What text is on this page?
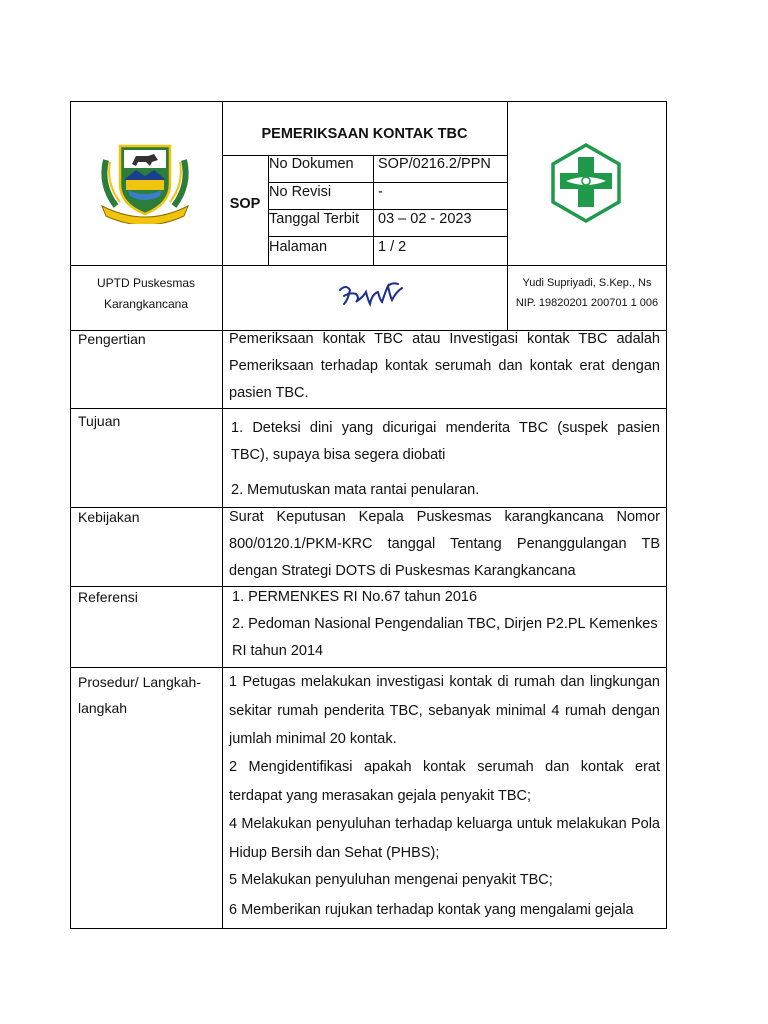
PEMERIKSAAN KONTAK TBC
SOP
No Dokumen	SOP/0216.2/PPN
No Revisi	-
Tanggal Terbit	03 – 02 - 2023
Halaman	1 / 2
UPTD Puskesmas
Karangkancana
Yudi Supriyadi, S.Kep., Ns
NIP. 19820201 200701 1 006
Pengertian	Pemeriksaan kontak TBC atau Investigasi kontak TBC adalah Pemeriksaan terhadap kontak serumah dan kontak erat dengan pasien TBC.
Tujuan	1. Deteksi dini yang dicurigai menderita TBC (suspek pasien TBC), supaya bisa segera diobati
2. Memutuskan mata rantai penularan.
Kebijakan	Surat Keputusan Kepala Puskesmas karangkancana Nomor 800/0120.1/PKM-KRC tanggal Tentang Penanggulangan TB dengan Strategi DOTS di Puskesmas Karangkancana
Referensi	1. PERMENKES RI No.67 tahun 2016
2. Pedoman Nasional Pengendalian TBC, Dirjen P2.PL Kemenkes RI tahun 2014
Prosedur/ Langkah-langkah
1 Petugas melakukan investigasi kontak di rumah dan lingkungan sekitar rumah penderita TBC, sebanyak minimal 4 rumah dengan jumlah minimal 20 kontak.
2 Mengidentifikasi apakah kontak serumah dan kontak erat terdapat yang merasakan gejala penyakit TBC;
4 Melakukan penyuluhan terhadap keluarga untuk melakukan Pola Hidup Bersih dan Sehat (PHBS);
5 Melakukan penyuluhan mengenai penyakit TBC;
6 Memberikan rujukan terhadap kontak yang mengalami gejala
